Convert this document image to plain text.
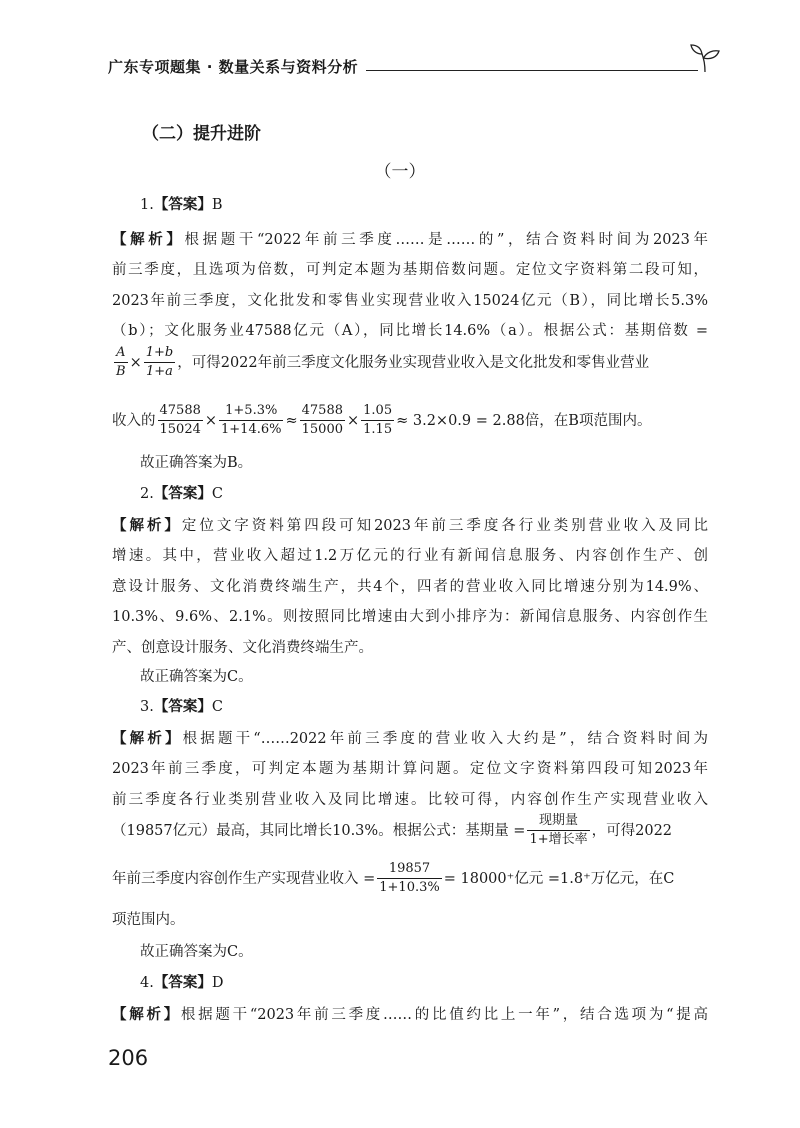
广东专项题集 · 数量关系与资料分析
（二）提升进阶
（一）
1.【答案】B
【解析】根据题干“2022年前三季度……是……的”，结合资料时间为2023年
前三季度，且选项为倍数，可判定本题为基期倍数问题。定位文字资料第二段可知，
2023年前三季度，文化批发和零售业实现营业收入15024亿元（B），同比增长5.3%
（b）；文化服务业47588亿元（A），同比增长14.6%（a）。根据公式：基期倍数 =
$\frac{A}{B} \times \frac{1+b}{1+a}$ ，可得2022年前三季度文化服务业实现营业收入是文化批发和零售业营业
收入的 $\frac{47588}{15024} \times \frac{1+5.3\%}{1+14.6\%} \approx \frac{47588}{15000} \times \frac{1.05}{1.15} \approx 3.2\times 0.9 = 2.88$倍，在B项范围内。
故正确答案为B。
2.【答案】C
【解析】定位文字资料第四段可知2023年前三季度各行业类别营业收入及同比
增速。其中，营业收入超过1.2万亿元的行业有新闻信息服务、内容创作生产、创
意设计服务、文化消费终端生产，共4个，四者的营业收入同比增速分别为14.9%、
10.3%、9.6%、2.1%。则按照同比增速由大到小排序为：新闻信息服务、内容创作生
产、创意设计服务、文化消费终端生产。
故正确答案为C。
3.【答案】C
【解析】根据题干“……2022年前三季度的营业收入大约是”，结合资料时间为
2023年前三季度，可判定本题为基期计算问题。定位文字资料第四段可知2023年
前三季度各行业类别营业收入及同比增速。比较可得，内容创作生产实现营业收入
（19857亿元）最高，其同比增长10.3%。根据公式：基期量 = $\frac{\text{现期量}}{\text{1+增长率}}$ ，可得2022
年前三季度内容创作生产实现营业收入 = $\frac{19857}{1+10.3\%} = 18000^+$亿元 =1.8⁺万亿元，在C
项范围内。
故正确答案为C。
4.【答案】D
【解析】根据题干“2023年前三季度……的比值约比上一年”，结合选项为“提高
206
